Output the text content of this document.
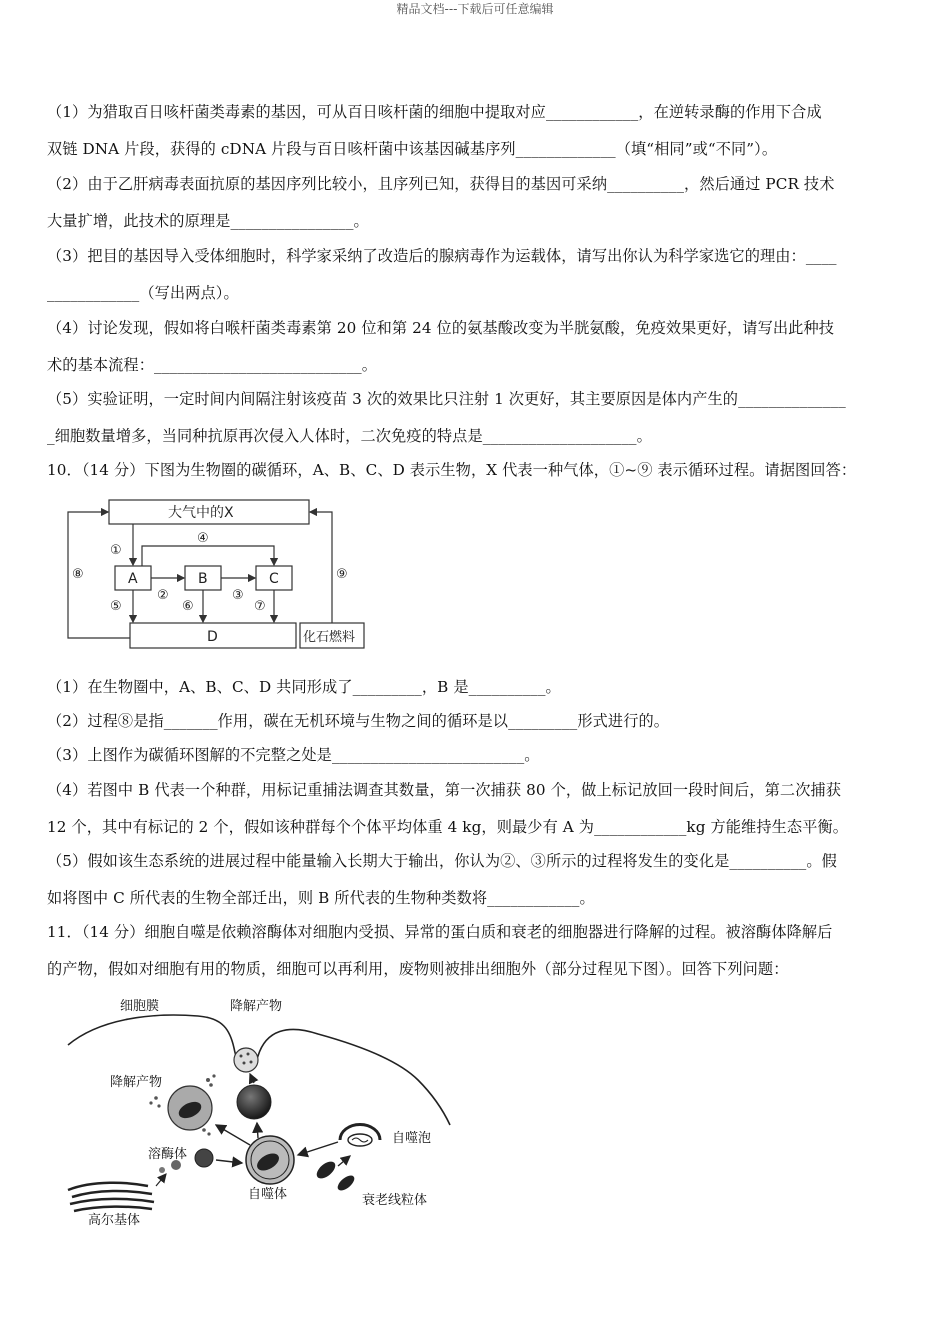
精品文档---下载后可任意编辑
（1）为猎取百日咳杆菌类毒素的基因，可从百日咳杆菌的细胞中提取对应____________，在逆转录酶的作用下合成
双链 DNA 片段，获得的 cDNA 片段与百日咳杆菌中该基因碱基序列_____________（填“相同”或“不同”）。
（2）由于乙肝病毒表面抗原的基因序列比较小，且序列已知，获得目的基因可采纳__________，然后通过 PCR 技术
大量扩增，此技术的原理是________________。
（3）把目的基因导入受体细胞时，科学家采纳了改造后的腺病毒作为运载体，请写出你认为科学家选它的理由：____
____________（写出两点）。
（4）讨论发现，假如将白喉杆菌类毒素第 20 位和第 24 位的氨基酸改变为半胱氨酸，免疫效果更好，请写出此种技
术的基本流程：___________________________。
（5）实验证明，一定时间内间隔注射该疫苗 3 次的效果比只注射 1 次更好，其主要原因是体内产生的______________
_细胞数量增多，当同种抗原再次侵入人体时，二次免疫的特点是____________________。
10．（14 分）下图为生物圈的碳循环，A、B、C、D 表示生物，X 代表一种气体，①~⑨ 表示循环过程。请据图回答：
大气中的X
A	B	C
D	化石燃料
①
②	③
④
⑤	⑥	⑦
⑧	⑨
（1）在生物圈中，A、B、C、D 共同形成了_________，B 是__________。
（2）过程⑧是指_______作用，碳在无机环境与生物之间的循环是以_________形式进行的。
（3）上图作为碳循环图解的不完整之处是_________________________。
（4）若图中 B 代表一个种群，用标记重捕法调查其数量，第一次捕获 80 个，做上标记放回一段时间后，第二次捕获
12 个，其中有标记的 2 个，假如该种群每个个体平均体重 4 kg，则最少有 A 为____________kg 方能维持生态平衡。
（5）假如该生态系统的进展过程中能量输入长期大于输出，你认为②、③所示的过程将发生的变化是__________。假
如将图中 C 所代表的生物全部迁出，则 B 所代表的生物种类数将____________。
11．（14 分）细胞自噬是依赖溶酶体对细胞内受损、异常的蛋白质和衰老的细胞器进行降解的过程。被溶酶体降解后
的产物，假如对细胞有用的物质，细胞可以再利用，废物则被排出细胞外（部分过程见下图）。回答下列问题：
细胞膜	降解产物
降解产物
溶酶体
自噬体
自噬泡
衰老线粒体
高尔基体
